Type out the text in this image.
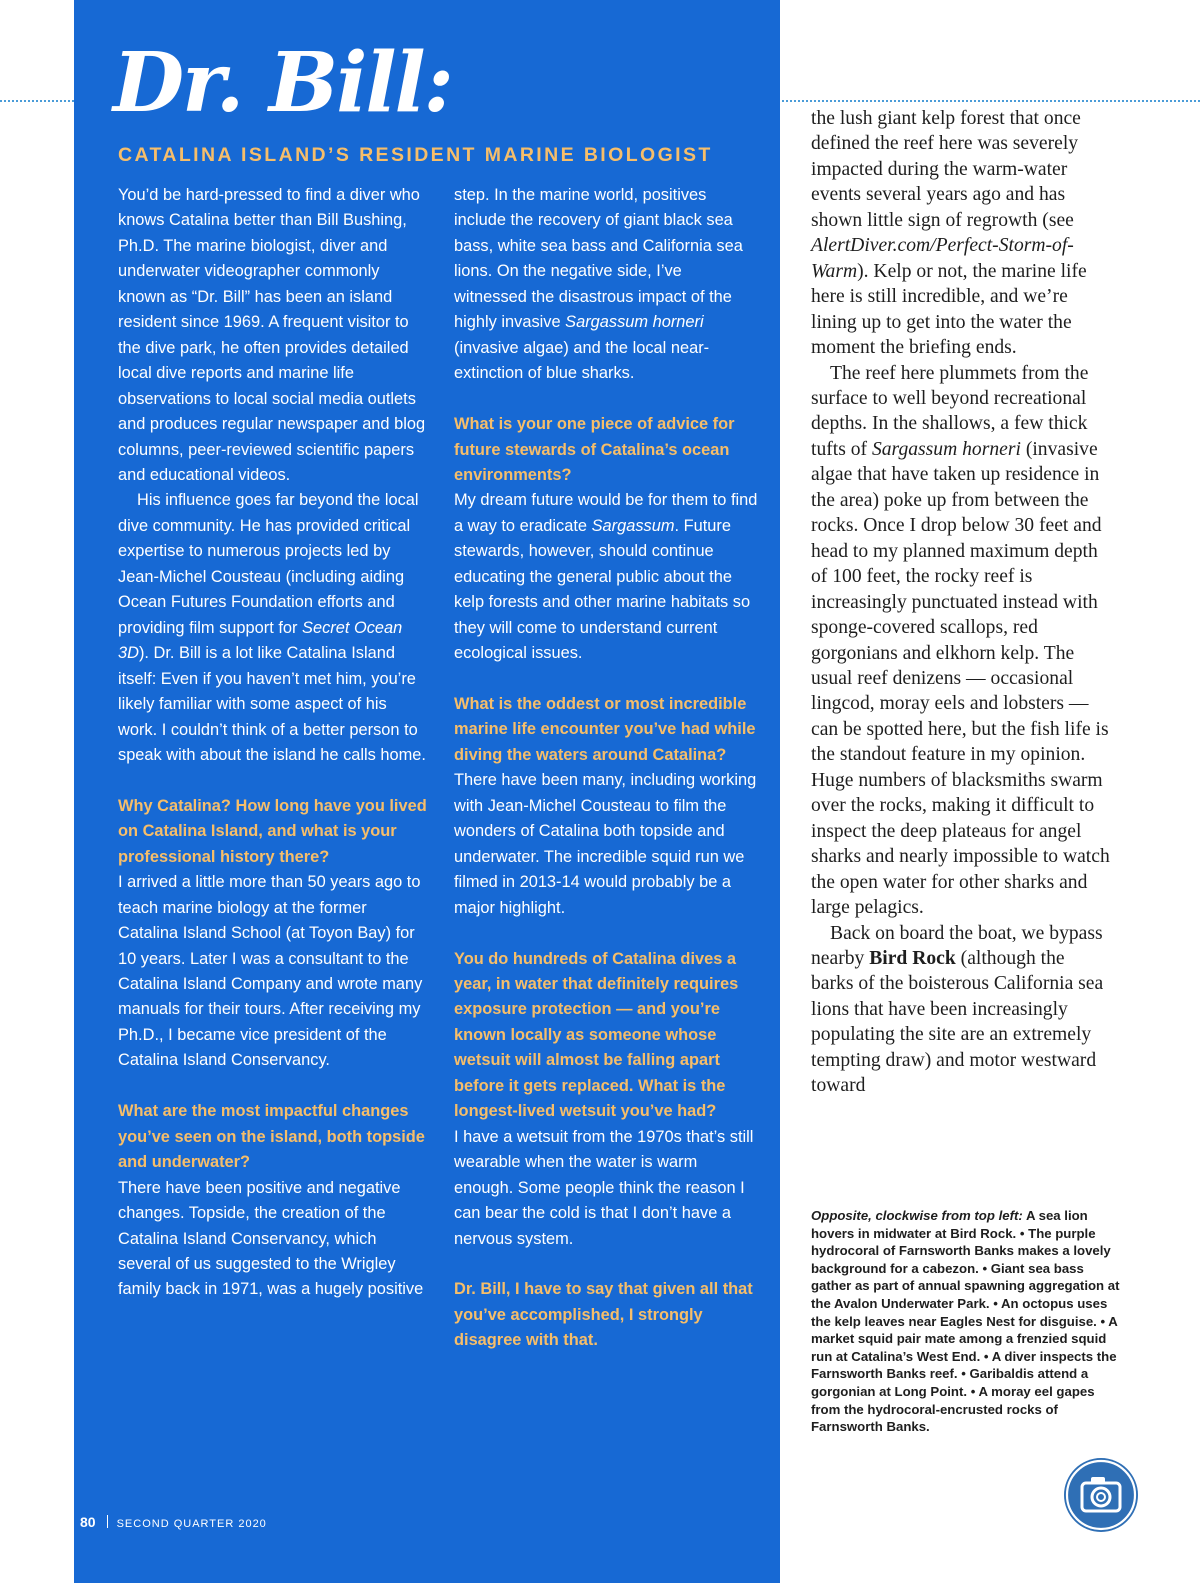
Dr. Bill:
CATALINA ISLAND’S RESIDENT MARINE BIOLOGIST

You’d be hard-pressed to find a diver who knows Catalina better than Bill Bushing, Ph.D. The marine biologist, diver and underwater videographer commonly known as “Dr. Bill” has been an island resident since 1969. A frequent visitor to the dive park, he often provides detailed local dive reports and marine life observations to local social media outlets and produces regular newspaper and blog columns, peer-reviewed scientific papers and educational videos.

His influence goes far beyond the local dive community. He has provided critical expertise to numerous projects led by Jean-Michel Cousteau (including aiding Ocean Futures Foundation efforts and providing film support for Secret Ocean 3D). Dr. Bill is a lot like Catalina Island itself: Even if you haven’t met him, you’re likely familiar with some aspect of his work. I couldn’t think of a better person to speak with about the island he calls home.

Why Catalina? How long have you lived on Catalina Island, and what is your professional history there?

I arrived a little more than 50 years ago to teach marine biology at the former Catalina Island School (at Toyon Bay) for 10 years. Later I was a consultant to the Catalina Island Company and wrote many manuals for their tours. After receiving my Ph.D., I became vice president of the Catalina Island Conservancy.

What are the most impactful changes you’ve seen on the island, both topside and underwater?

There have been positive and negative changes. Topside, the creation of the Catalina Island Conservancy, which several of us suggested to the Wrigley family back in 1971, was a hugely positive

step. In the marine world, positives include the recovery of giant black sea bass, white sea bass and California sea lions. On the negative side, I’ve witnessed the disastrous impact of the highly invasive Sargassum horneri (invasive algae) and the local near-extinction of blue sharks.

What is your one piece of advice for future stewards of Catalina’s ocean environments?

My dream future would be for them to find a way to eradicate Sargassum. Future stewards, however, should continue educating the general public about the kelp forests and other marine habitats so they will come to understand current ecological issues.

What is the oddest or most incredible marine life encounter you’ve had while diving the waters around Catalina?

There have been many, including working with Jean-Michel Cousteau to film the wonders of Catalina both topside and underwater. The incredible squid run we filmed in 2013-14 would probably be a major highlight.

You do hundreds of Catalina dives a year, in water that definitely requires exposure protection — and you’re known locally as someone whose wetsuit will almost be falling apart before it gets replaced. What is the longest-lived wetsuit you’ve had?

I have a wetsuit from the 1970s that’s still wearable when the water is warm enough. Some people think the reason I can bear the cold is that I don’t have a nervous system.

Dr. Bill, I have to say that given all that you’ve accomplished, I strongly disagree with that.

the lush giant kelp forest that once defined the reef here was severely impacted during the warm-water events several years ago and has shown little sign of regrowth (see AlertDiver.com/Perfect-Storm-of-Warm). Kelp or not, the marine life here is still incredible, and we’re lining up to get into the water the moment the briefing ends.

The reef here plummets from the surface to well beyond recreational depths. In the shallows, a few thick tufts of Sargassum horneri (invasive algae that have taken up residence in the area) poke up from between the rocks. Once I drop below 30 feet and head to my planned maximum depth of 100 feet, the rocky reef is increasingly punctuated instead with sponge-covered scallops, red gorgonians and elkhorn kelp. The usual reef denizens — occasional lingcod, moray eels and lobsters — can be spotted here, but the fish life is the standout feature in my opinion. Huge numbers of blacksmiths swarm over the rocks, making it difficult to inspect the deep plateaus for angel sharks and nearly impossible to watch the open water for other sharks and large pelagics.

Back on board the boat, we bypass nearby Bird Rock (although the barks of the boisterous California sea lions that have been increasingly populating the site are an extremely tempting draw) and motor westward toward

Opposite, clockwise from top left: A sea lion hovers in midwater at Bird Rock. • The purple hydrocoral of Farnsworth Banks makes a lovely background for a cabezon. • Giant sea bass gather as part of annual spawning aggregation at the Avalon Underwater Park. • An octopus uses the kelp leaves near Eagles Nest for disguise. • A market squid pair mate among a frenzied squid run at Catalina’s West End. • A diver inspects the Farnsworth Banks reef. • Garibaldis attend a gorgonian at Long Point. • A moray eel gapes from the hydrocoral-encrusted rocks of Farnsworth Banks.
80 SECOND QUARTER 2020
